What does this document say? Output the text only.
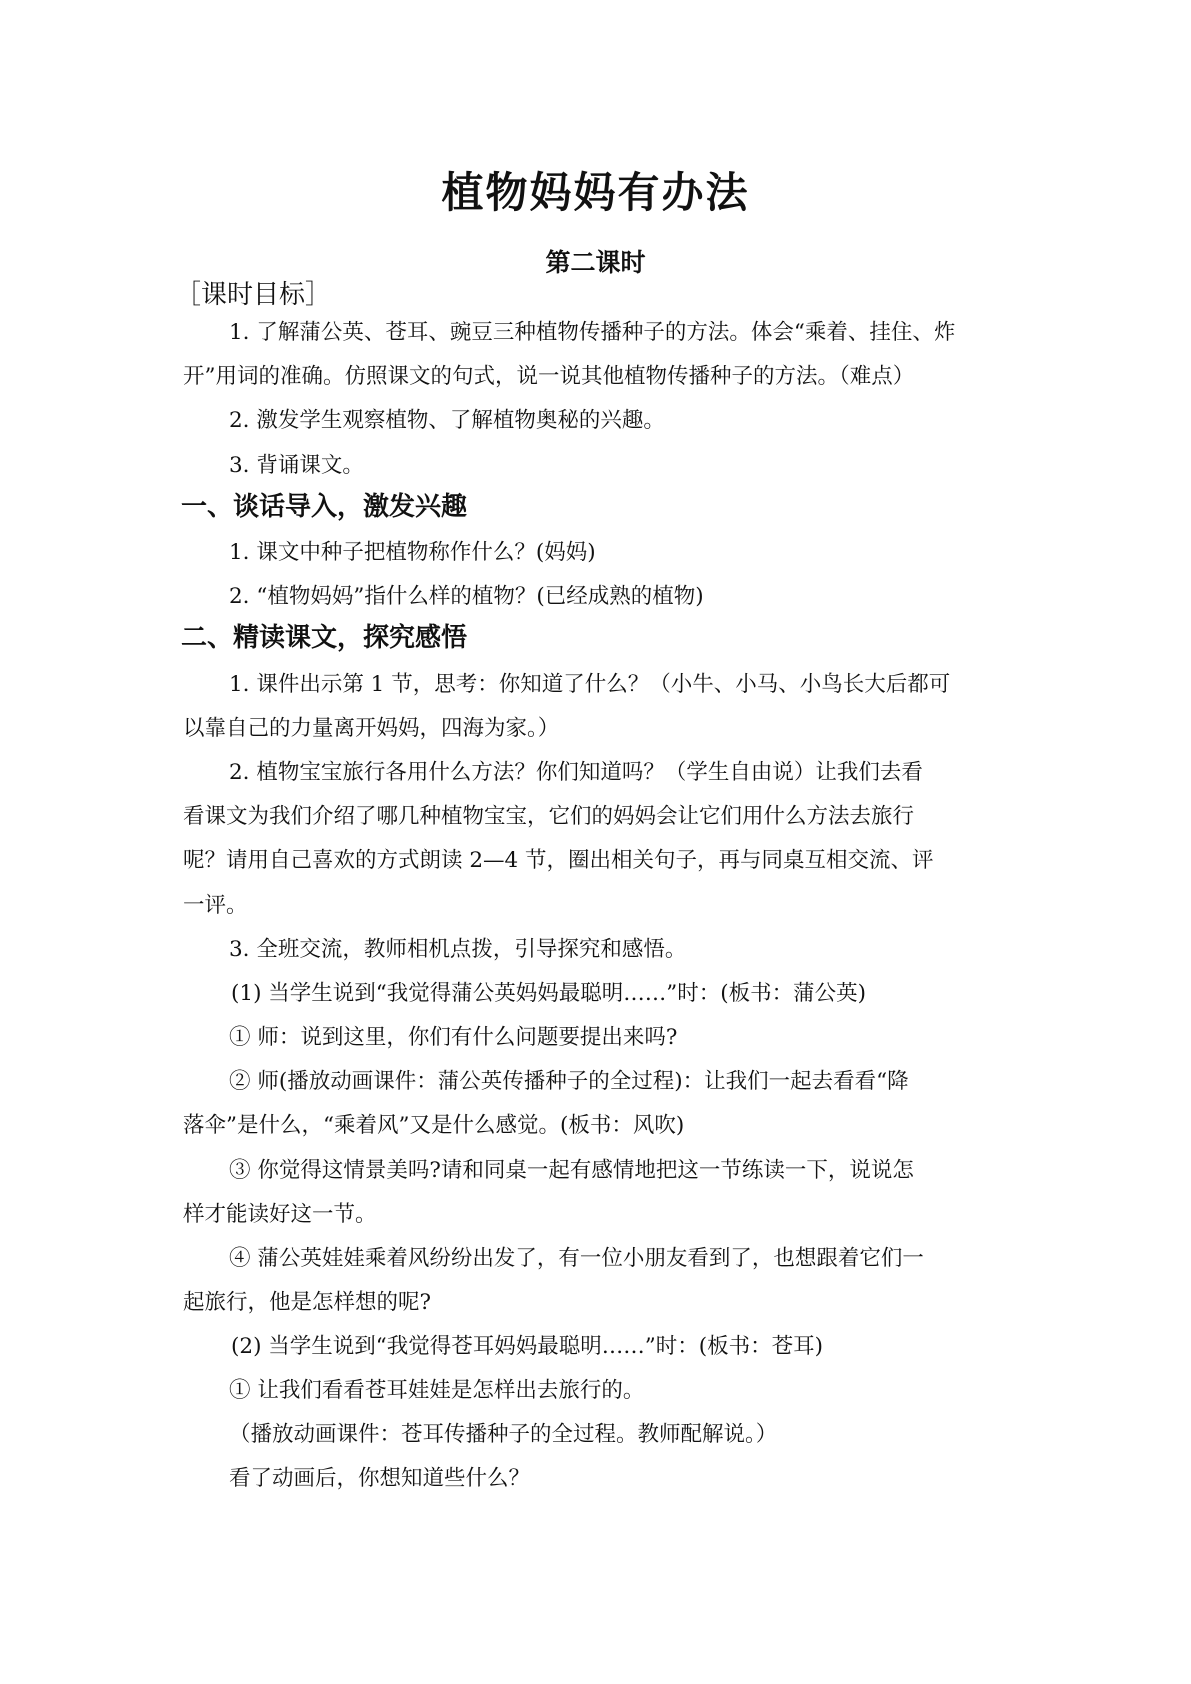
植物妈妈有办法
第二课时
［课时目标］
1. 了解蒲公英、苍耳、豌豆三种植物传播种子的方法。体会“乘着、挂住、炸
开”用词的准确。仿照课文的句式，说一说其他植物传播种子的方法。（难点）
2. 激发学生观察植物、了解植物奥秘的兴趣。
3. 背诵课文。
一、谈话导入，激发兴趣
1. 课文中种子把植物称作什么？(妈妈)
2. “植物妈妈”指什么样的植物？(已经成熟的植物)
二、精读课文，探究感悟
1. 课件出示第 1 节，思考：你知道了什么？（小牛、小马、小鸟长大后都可
以靠自己的力量离开妈妈，四海为家。）
2. 植物宝宝旅行各用什么方法？你们知道吗？（学生自由说）让我们去看
看课文为我们介绍了哪几种植物宝宝，它们的妈妈会让它们用什么方法去旅行
呢？请用自己喜欢的方式朗读 2—4 节，圈出相关句子，再与同桌互相交流、评
一评。
3. 全班交流，教师相机点拨，引导探究和感悟。
(1) 当学生说到“我觉得蒲公英妈妈最聪明……”时：(板书：蒲公英)
① 师：说到这里，你们有什么问题要提出来吗?
② 师(播放动画课件：蒲公英传播种子的全过程)：让我们一起去看看“降
落伞”是什么，“乘着风”又是什么感觉。(板书：风吹)
③ 你觉得这情景美吗?请和同桌一起有感情地把这一节练读一下，说说怎
样才能读好这一节。
④ 蒲公英娃娃乘着风纷纷出发了，有一位小朋友看到了，也想跟着它们一
起旅行，他是怎样想的呢?
(2) 当学生说到“我觉得苍耳妈妈最聪明……”时：(板书：苍耳)
① 让我们看看苍耳娃娃是怎样出去旅行的。
（播放动画课件：苍耳传播种子的全过程。教师配解说。）
看了动画后，你想知道些什么？
